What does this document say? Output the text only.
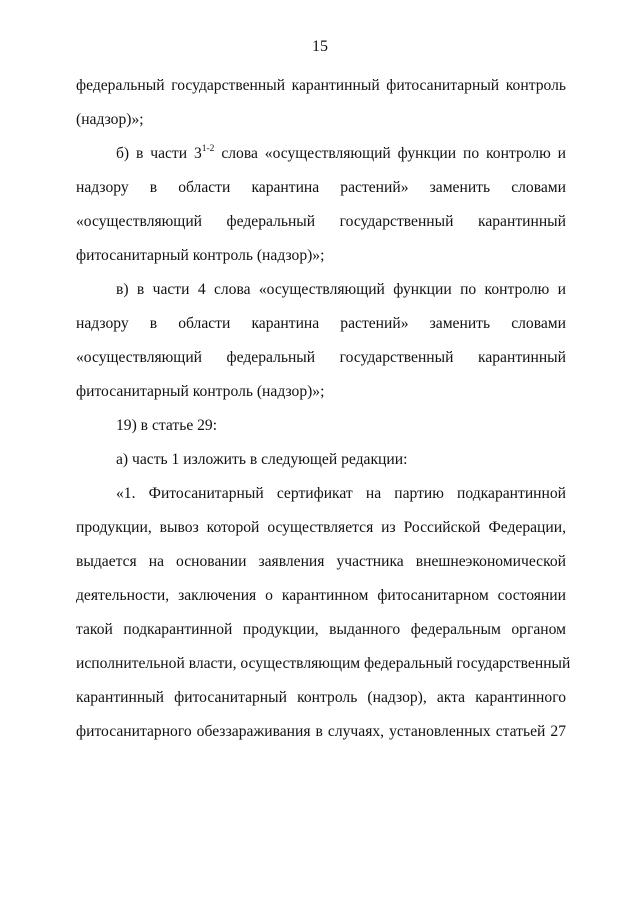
15
федеральный государственный карантинный фитосанитарный контроль
(надзор)»;
б) в части 3$^{1-2}$ слова «осуществляющий функции по контролю и
надзору в области карантина растений» заменить словами
«осуществляющий федеральный государственный карантинный
фитосанитарный контроль (надзор)»;
в) в части 4 слова «осуществляющий функции по контролю и
надзору в области карантина растений» заменить словами
«осуществляющий федеральный государственный карантинный
фитосанитарный контроль (надзор)»;
19) в статье 29:
а) часть 1 изложить в следующей редакции:
«1. Фитосанитарный сертификат на партию подкарантинной
продукции, вывоз которой осуществляется из Российской Федерации,
выдается на основании заявления участника внешнеэкономической
деятельности, заключения о карантинном фитосанитарном состоянии
такой подкарантинной продукции, выданного федеральным органом
исполнительной власти, осуществляющим федеральный государственный
карантинный фитосанитарный контроль (надзор), акта карантинного
фитосанитарного обеззараживания в случаях, установленных статьей 27
